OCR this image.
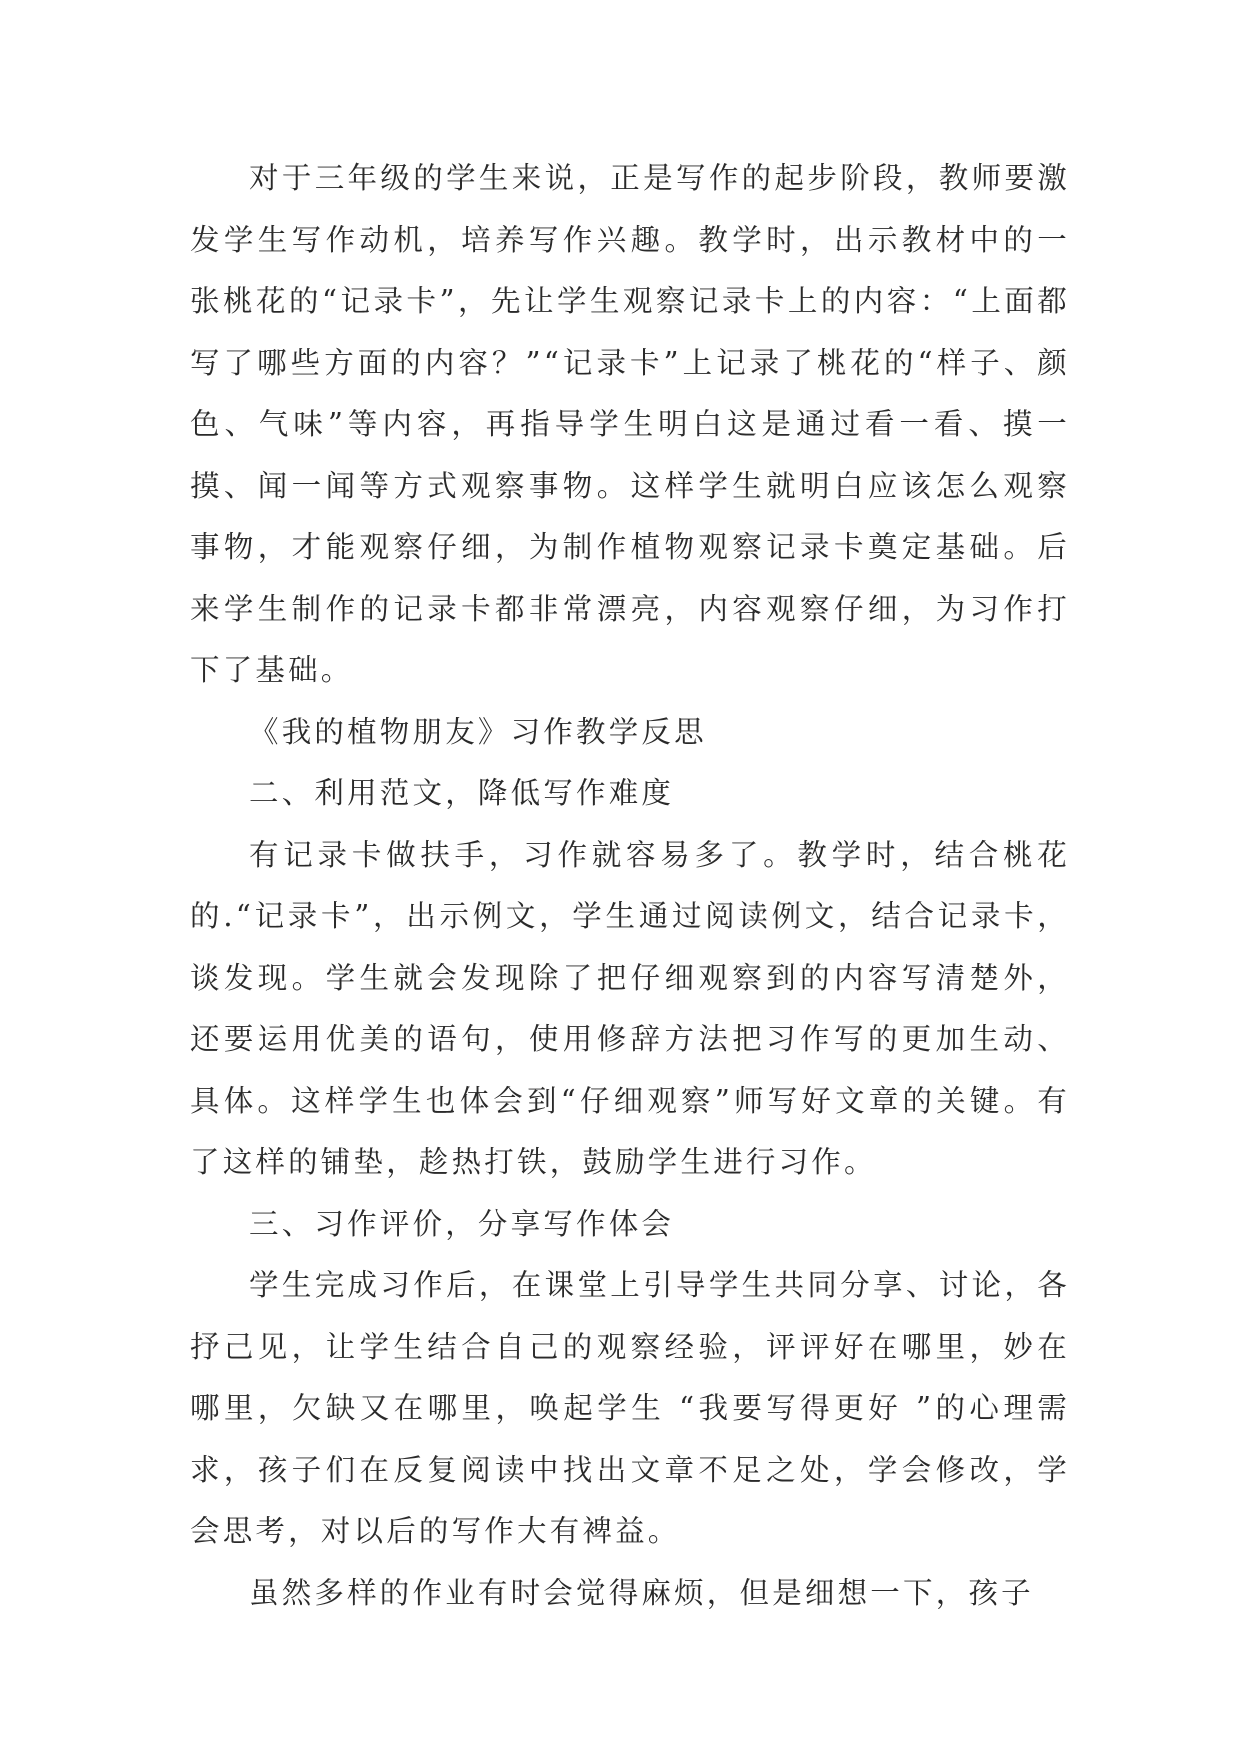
对于三年级的学生来说，正是写作的起步阶段，教师要激发学生写作动机，培养写作兴趣。教学时，出示教材中的一张桃花的“记录卡”，先让学生观察记录卡上的内容：“上面都写了哪些方面的内容？”“记录卡”上记录了桃花的“样子、颜色、气味”等内容，再指导学生明白这是通过看一看、摸一摸、闻一闻等方式观察事物。这样学生就明白应该怎么观察事物，才能观察仔细，为制作植物观察记录卡奠定基础。后来学生制作的记录卡都非常漂亮，内容观察仔细，为习作打下了基础。

《我的植物朋友》习作教学反思

二、利用范文，降低写作难度

有记录卡做扶手，习作就容易多了。教学时，结合桃花的.“记录卡”，出示例文，学生通过阅读例文，结合记录卡，谈发现。学生就会发现除了把仔细观察到的内容写清楚外，还要运用优美的语句，使用修辞方法把习作写的更加生动、具体。这样学生也体会到“仔细观察”师写好文章的关键。有了这样的铺垫，趁热打铁，鼓励学生进行习作。

三、习作评价，分享写作体会

学生完成习作后，在课堂上引导学生共同分享、讨论，各抒己见，让学生结合自己的观察经验，评评好在哪里，妙在哪里，欠缺又在哪里，唤起学生 “我要写得更好 ”的心理需求，孩子们在反复阅读中找出文章不足之处，学会修改，学会思考，对以后的写作大有裨益。

虽然多样的作业有时会觉得麻烦，但是细想一下，孩子
